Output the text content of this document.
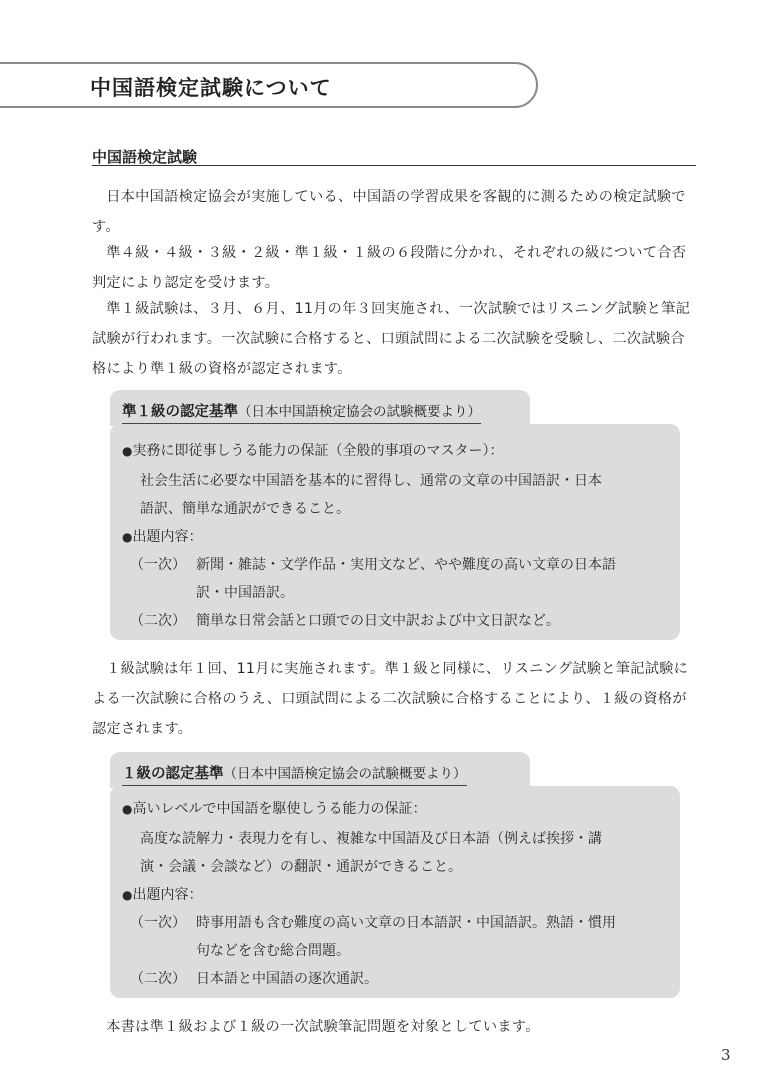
中国語検定試験について
中国語検定試験

日本中国語検定協会が実施している、中国語の学習成果を客観的に測るための検定試験です。

準４級・４級・３級・２級・準１級・１級の６段階に分かれ、それぞれの級について合否判定により認定を受けます。

準１級試験は、３月、６月、11月の年３回実施され、一次試験ではリスニング試験と筆記試験が行われます。一次試験に合格すると、口頭試問による二次試験を受験し、二次試験合格により準１級の資格が認定されます。

準１級の認定基準（日本中国語検定協会の試験概要より）
●実務に即従事しうる能力の保証（全般的事項のマスター）：
社会生活に必要な中国語を基本的に習得し、通常の文章の中国語訳・日本
語訳、簡単な通訳ができること。
●出題内容：
（一次） 新聞・雑誌・文学作品・実用文など、やや難度の高い文章の日本語
訳・中国語訳。
（二次） 簡単な日常会話と口頭での日文中訳および中文日訳など。

１級試験は年１回、11月に実施されます。準１級と同様に、リスニング試験と筆記試験による一次試験に合格のうえ、口頭試問による二次試験に合格することにより、１級の資格が認定されます。

１級の認定基準（日本中国語検定協会の試験概要より）
●高いレベルで中国語を駆使しうる能力の保証：
高度な読解力・表現力を有し、複雑な中国語及び日本語（例えば挨拶・講
演・会議・会談など）の翻訳・通訳ができること。
●出題内容：
（一次） 時事用語も含む難度の高い文章の日本語訳・中国語訳。熟語・慣用
句などを含む総合問題。
（二次） 日本語と中国語の逐次通訳。

本書は準１級および１級の一次試験筆記問題を対象としています。

3
